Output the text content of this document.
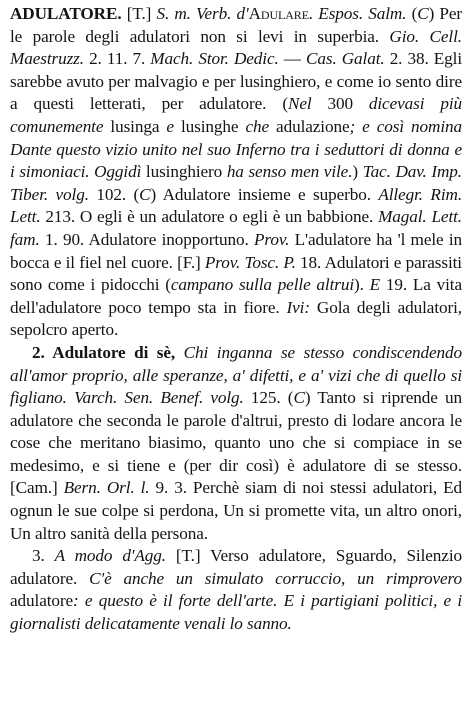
ADULATORE. [T.] S. m. Verb. d'Adulare. Espos. Salm. (C) Per le parole degli adulatori non si levi in superbia. Gio. Cell. Maestruzz. 2. 11. 7. Mach. Stor. Dedic. — Cas. Galat. 2. 38. Egli sarebbe avuto per malvagio e per lusinghiero, e come io sento dire a questi letterati, per adulatore. (Nel 300 dicevasi più comunemente lusinga e lusinghe che adulazione; e così nomina Dante questo vizio unito nel suo Inferno tra i seduttori di donna e i simoniaci. Oggidì lusinghiero ha senso men vile.) Tac. Dav. Imp. Tiber. volg. 102. (C) Adulatore insieme e superbo. Allegr. Rim. Lett. 213. O egli è un adulatore o egli è un babbione. Magal. Lett. fam. 1. 90. Adulatore inopportuno. Prov. L'adulatore ha 'l mele in bocca e il fiel nel cuore. [F.] Prov. Tosc. P. 18. Adulatori e parassiti sono come i pidocchi (campano sulla pelle altrui). E 19. La vita dell'adulatore poco tempo sta in fiore. Ivi: Gola degli adulatori, sepolcro aperto.

2. Adulatore di sè, Chi inganna se stesso condiscendendo all'amor proprio, alle speranze, a' difetti, e a' vizi che di quello si figliano. Varch. Sen. Benef. volg. 125. (C) Tanto si riprende un adulatore che seconda le parole d'altrui, presto di lodare ancora le cose che meritano biasimo, quanto uno che si compiace in se medesimo, e si tiene e (per dir così) è adulatore di se stesso. [Cam.] Bern. Orl. l. 9. 3. Perchè siam di noi stessi adulatori, Ed ognun le sue colpe si perdona, Un si promette vita, un altro onori, Un altro sanità della persona.

3. A modo d'Agg. [T.] Verso adulatore, Sguardo, Silenzio adulatore. C'è anche un simulato corruccio, un rimprovero adulatore: e questo è il forte dell'arte. E i partigiani politici, e i giornalisti delicatamente venali lo sanno.
